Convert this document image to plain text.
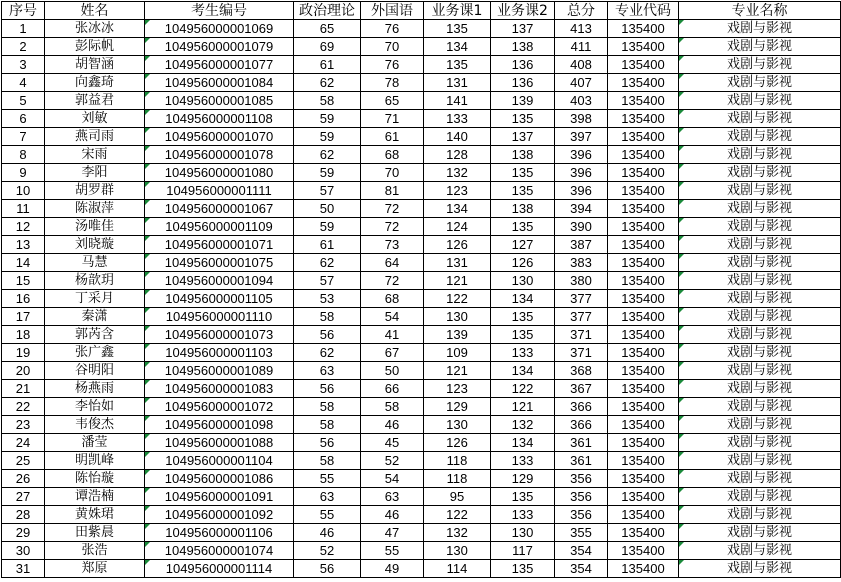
序号	姓名	考生编号	政治理论	外国语	业务课1	业务课2	总分	专业代码	专业名称
1	张冰冰	104956000001069	65	76	135	137	413	135400	戏剧与影视
2	彭际帆	104956000001079	69	70	134	138	411	135400	戏剧与影视
3	胡智涵	104956000001077	61	76	135	136	408	135400	戏剧与影视
4	向鑫琦	104956000001084	62	78	131	136	407	135400	戏剧与影视
5	郭益君	104956000001085	58	65	141	139	403	135400	戏剧与影视
6	刘敏	104956000001108	59	71	133	135	398	135400	戏剧与影视
7	燕司雨	104956000001070	59	61	140	137	397	135400	戏剧与影视
8	宋雨	104956000001078	62	68	128	138	396	135400	戏剧与影视
9	李阳	104956000001080	59	70	132	135	396	135400	戏剧与影视
10	胡罗群	104956000001111	57	81	123	135	396	135400	戏剧与影视
11	陈淑萍	104956000001067	50	72	134	138	394	135400	戏剧与影视
12	汤唯佳	104956000001109	59	72	124	135	390	135400	戏剧与影视
13	刘晓璇	104956000001071	61	73	126	127	387	135400	戏剧与影视
14	马慧	104956000001075	62	64	131	126	383	135400	戏剧与影视
15	杨歆玥	104956000001094	57	72	121	130	380	135400	戏剧与影视
16	丁采月	104956000001105	53	68	122	134	377	135400	戏剧与影视
17	秦潇	104956000001110	58	54	130	135	377	135400	戏剧与影视
18	郭芮含	104956000001073	56	41	139	135	371	135400	戏剧与影视
19	张广鑫	104956000001103	62	67	109	133	371	135400	戏剧与影视
20	谷明阳	104956000001089	63	50	121	134	368	135400	戏剧与影视
21	杨燕雨	104956000001083	56	66	123	122	367	135400	戏剧与影视
22	李怡如	104956000001072	58	58	129	121	366	135400	戏剧与影视
23	韦俊杰	104956000001098	58	46	130	132	366	135400	戏剧与影视
24	潘莹	104956000001088	56	45	126	134	361	135400	戏剧与影视
25	明凯峰	104956000001104	58	52	118	133	361	135400	戏剧与影视
26	陈怡璇	104956000001086	55	54	118	129	356	135400	戏剧与影视
27	谭浩楠	104956000001091	63	63	95	135	356	135400	戏剧与影视
28	黄姝珺	104956000001092	55	46	122	133	356	135400	戏剧与影视
29	田紫晨	104956000001106	46	47	132	130	355	135400	戏剧与影视
30	张浩	104956000001074	52	55	130	117	354	135400	戏剧与影视
31	郑原	104956000001114	56	49	114	135	354	135400	戏剧与影视
